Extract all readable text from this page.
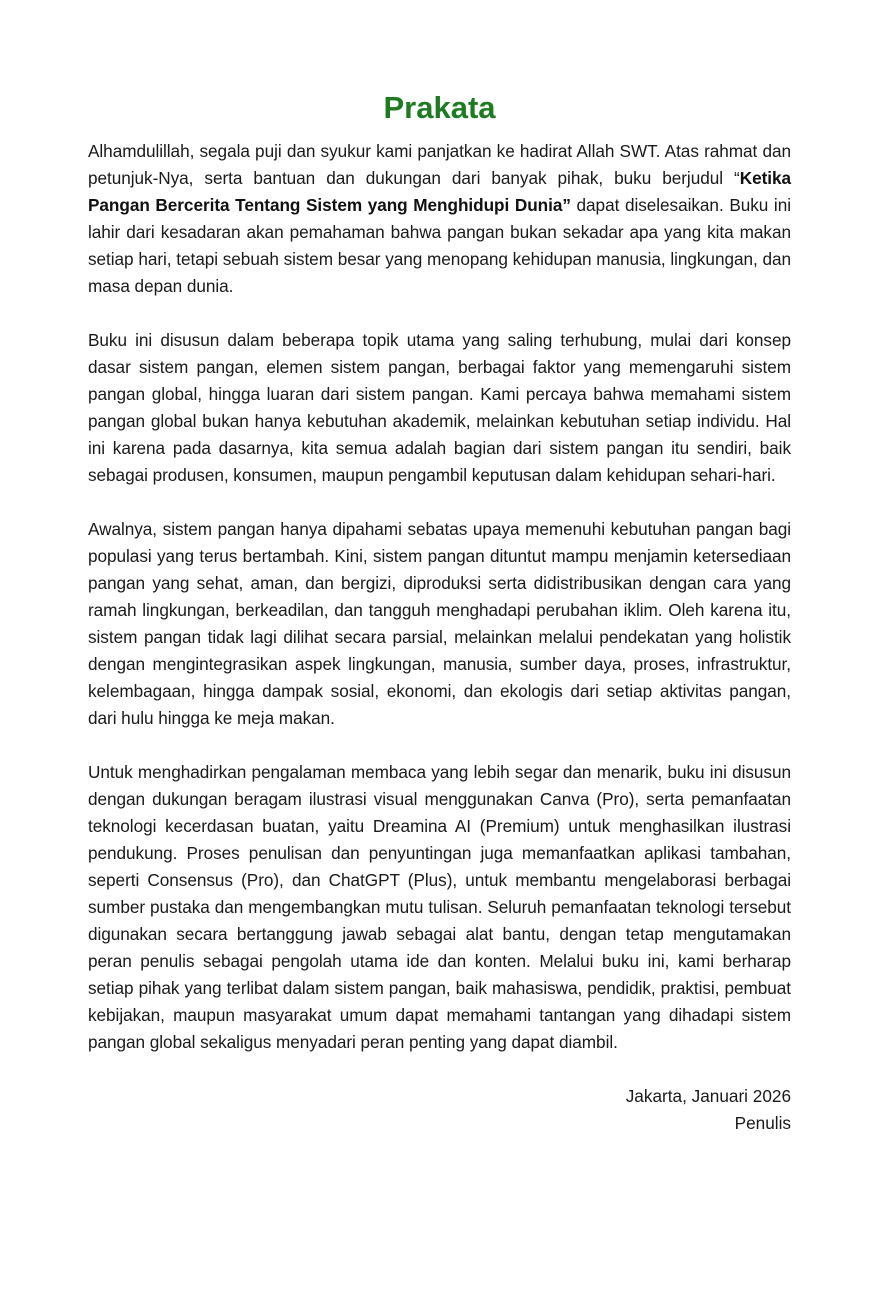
Prakata

Alhamdulillah, segala puji dan syukur kami panjatkan ke hadirat Allah SWT. Atas rahmat dan petunjuk-Nya, serta bantuan dan dukungan dari banyak pihak, buku berjudul “Ketika Pangan Bercerita Tentang Sistem yang Menghidupi Dunia” dapat diselesaikan. Buku ini lahir dari kesadaran akan pemahaman bahwa pangan bukan sekadar apa yang kita makan setiap hari, tetapi sebuah sistem besar yang menopang kehidupan manusia, lingkungan, dan masa depan dunia.

Buku ini disusun dalam beberapa topik utama yang saling terhubung, mulai dari konsep dasar sistem pangan, elemen sistem pangan, berbagai faktor yang memengaruhi sistem pangan global, hingga luaran dari sistem pangan. Kami percaya bahwa memahami sistem pangan global bukan hanya kebutuhan akademik, melainkan kebutuhan setiap individu. Hal ini karena pada dasarnya, kita semua adalah bagian dari sistem pangan itu sendiri, baik sebagai produsen, konsumen, maupun pengambil keputusan dalam kehidupan sehari-hari.

Awalnya, sistem pangan hanya dipahami sebatas upaya memenuhi kebutuhan pangan bagi populasi yang terus bertambah. Kini, sistem pangan dituntut mampu menjamin ketersediaan pangan yang sehat, aman, dan bergizi, diproduksi serta didistribusikan dengan cara yang ramah lingkungan, berkeadilan, dan tangguh menghadapi perubahan iklim. Oleh karena itu, sistem pangan tidak lagi dilihat secara parsial, melainkan melalui pendekatan yang holistik dengan mengintegrasikan aspek lingkungan, manusia, sumber daya, proses, infrastruktur, kelembagaan, hingga dampak sosial, ekonomi, dan ekologis dari setiap aktivitas pangan, dari hulu hingga ke meja makan.

Untuk menghadirkan pengalaman membaca yang lebih segar dan menarik, buku ini disusun dengan dukungan beragam ilustrasi visual menggunakan Canva (Pro), serta pemanfaatan teknologi kecerdasan buatan, yaitu Dreamina AI (Premium) untuk menghasilkan ilustrasi pendukung. Proses penulisan dan penyuntingan juga memanfaatkan aplikasi tambahan, seperti Consensus (Pro), dan ChatGPT (Plus), untuk membantu mengelaborasi berbagai sumber pustaka dan mengembangkan mutu tulisan. Seluruh pemanfaatan teknologi tersebut digunakan secara bertanggung jawab sebagai alat bantu, dengan tetap mengutamakan peran penulis sebagai pengolah utama ide dan konten. Melalui buku ini, kami berharap setiap pihak yang terlibat dalam sistem pangan, baik mahasiswa, pendidik, praktisi, pembuat kebijakan, maupun masyarakat umum dapat memahami tantangan yang dihadapi sistem pangan global sekaligus menyadari peran penting yang dapat diambil.

Jakarta, Januari 2026
Penulis
